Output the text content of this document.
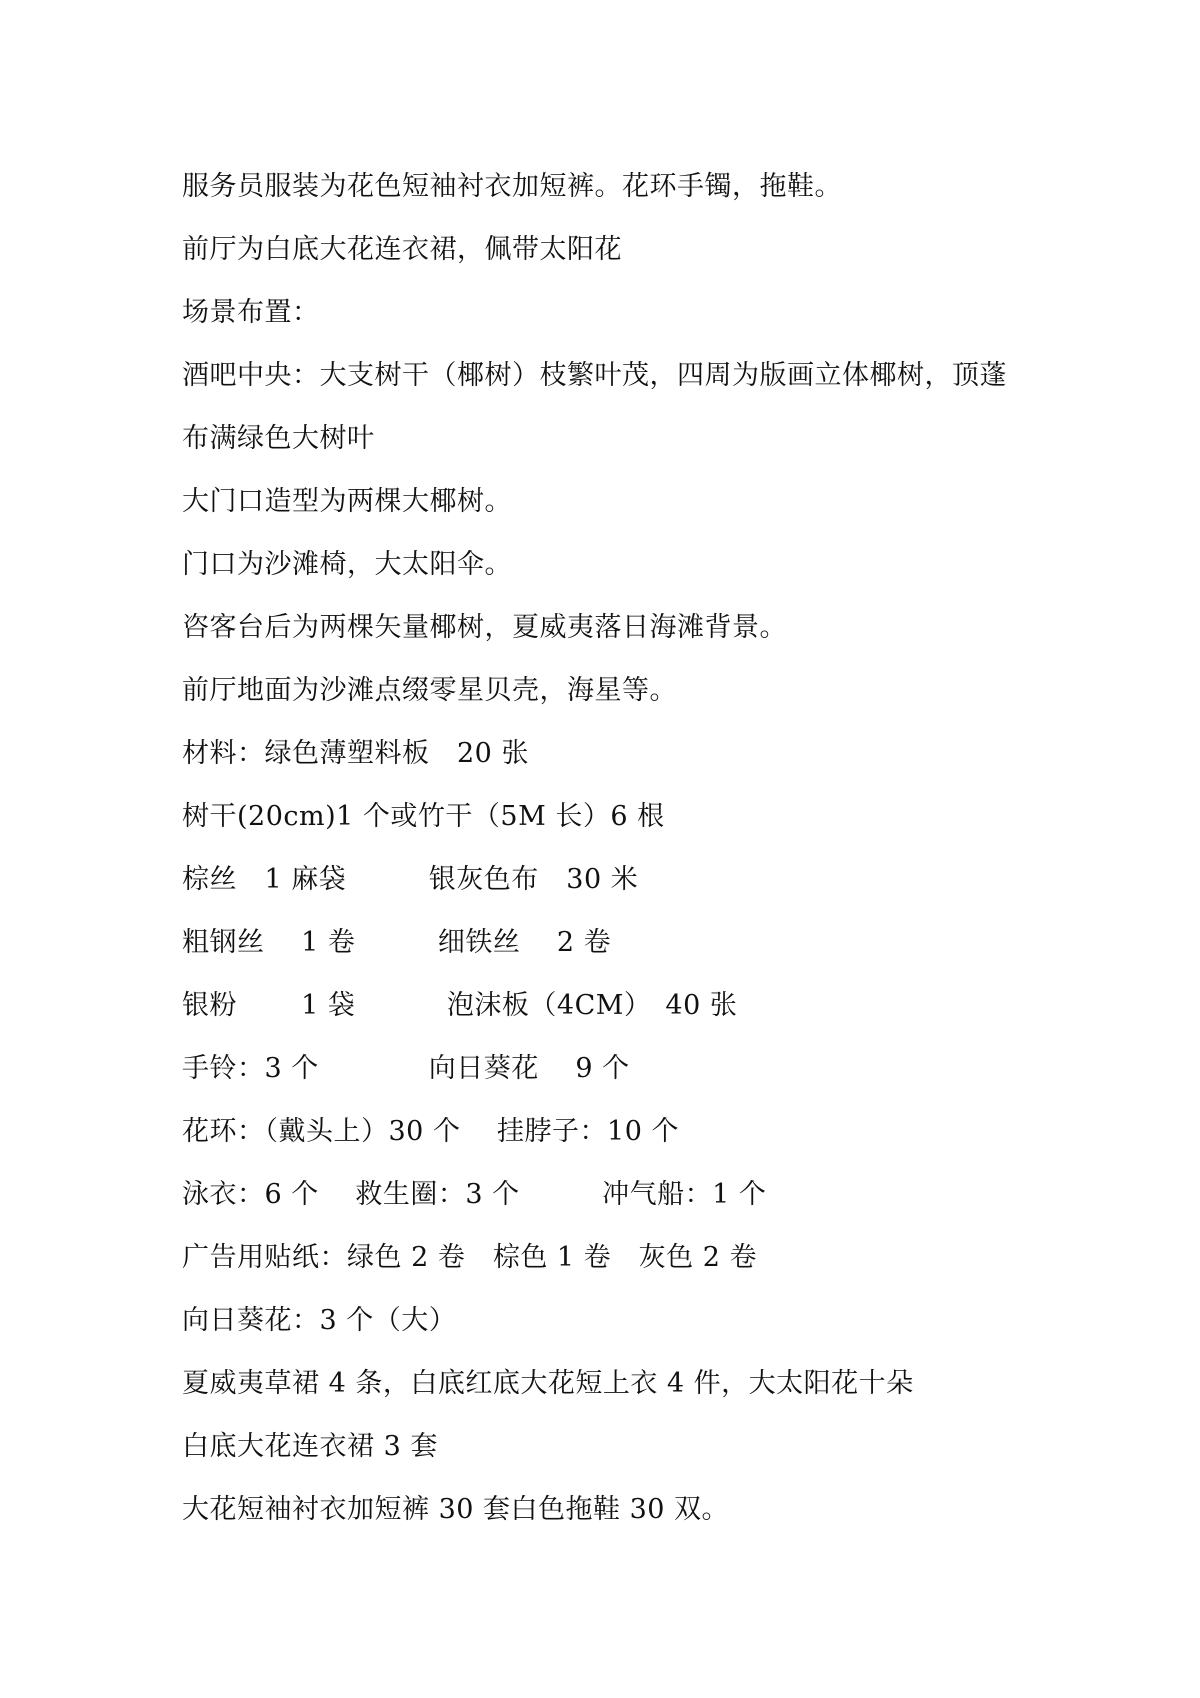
服务员服装为花色短袖衬衣加短裤。花环手镯，拖鞋。
前厅为白底大花连衣裙，佩带太阳花
场景布置：
酒吧中央：大支树干（椰树）枝繁叶茂，四周为版画立体椰树，顶蓬
布满绿色大树叶
大门口造型为两棵大椰树。
门口为沙滩椅，大太阳伞。
咨客台后为两棵矢量椰树，夏威夷落日海滩背景。
前厅地面为沙滩点缀零星贝壳，海星等。
材料：绿色薄塑料板　20 张
树干(20cm)1 个或竹干（5M 长）6 根
棕丝　1 麻袋　　　银灰色布　30 米
粗钢丝　 1 卷　　　细铁丝　 2 卷
银粉　　 1 袋　　　 泡沫板（4CM）　40 张
手铃：3 个　　　　向日葵花　 9 个
花环：（戴头上）30 个　 挂脖子：10 个
泳衣：6 个　 救生圈：3 个　　　冲气船：1 个
广告用贴纸：绿色 2 卷　棕色 1 卷　灰色 2 卷
向日葵花：3 个（大）
夏威夷草裙 4 条，白底红底大花短上衣 4 件，大太阳花十朵
白底大花连衣裙 3 套
大花短袖衬衣加短裤 30 套白色拖鞋 30 双。
